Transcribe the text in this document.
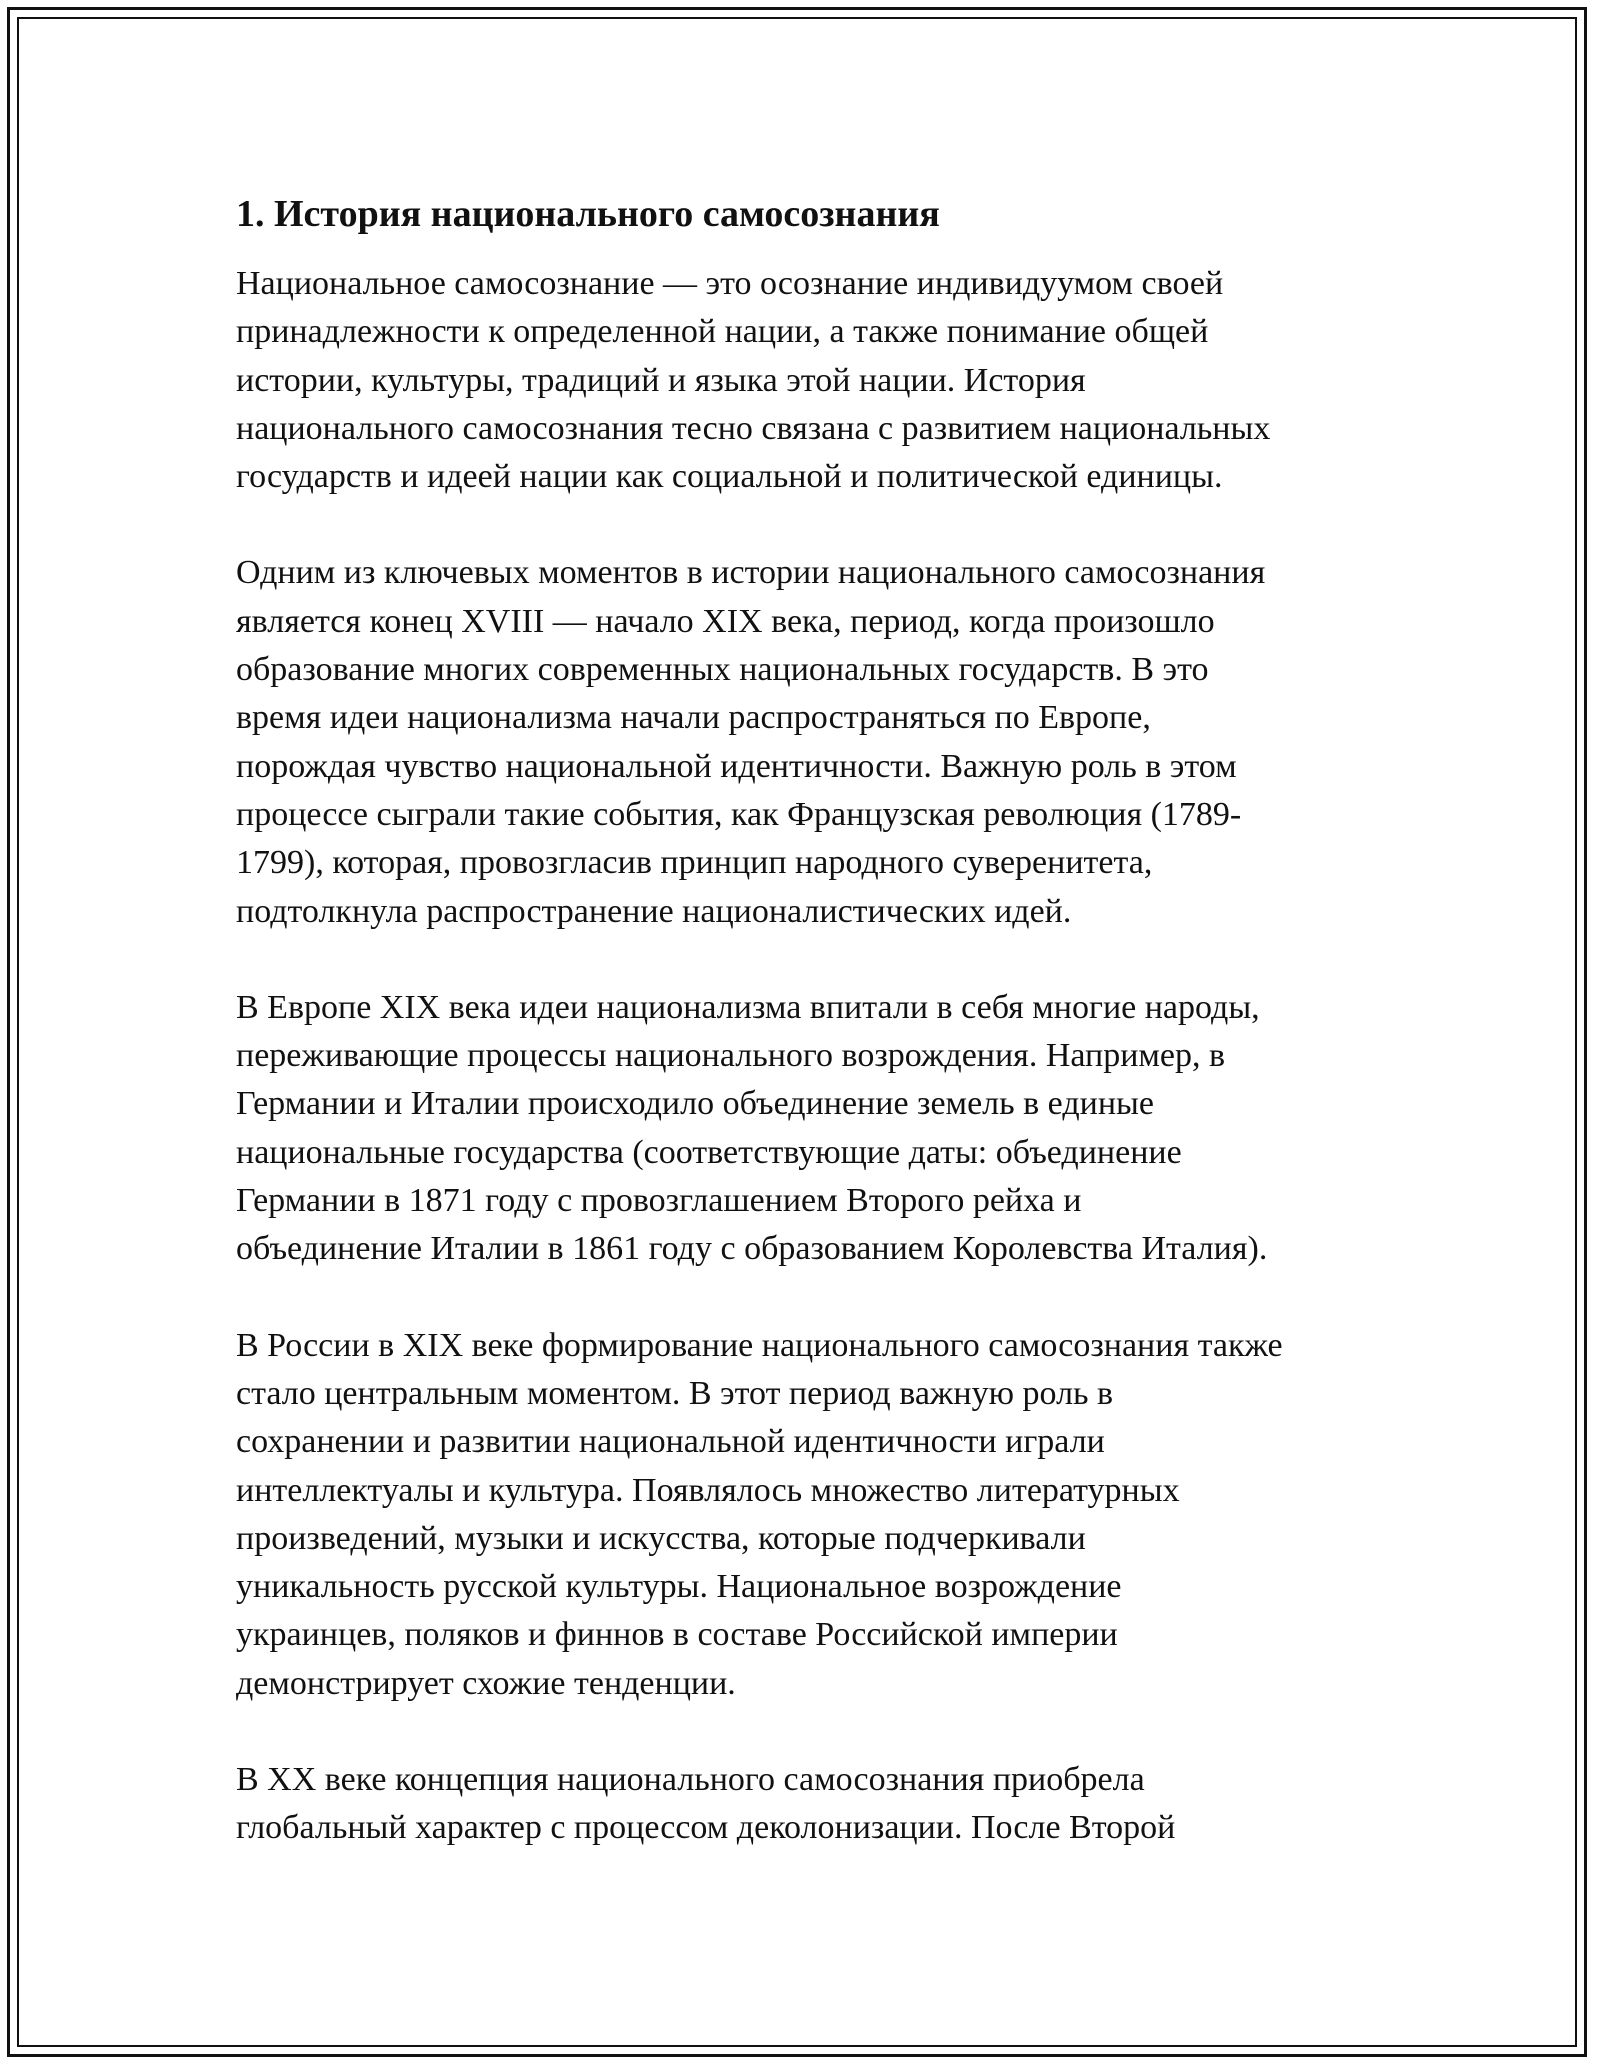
1. История национального самосознания

Национальное самосознание — это осознание индивидуумом своей
принадлежности к определенной нации, а также понимание общей
истории, культуры, традиций и языка этой нации. История
национального самосознания тесно связана с развитием национальных
государств и идеей нации как социальной и политической единицы.

Одним из ключевых моментов в истории национального самосознания
является конец XVIII — начало XIX века, период, когда произошло
образование многих современных национальных государств. В это
время идеи национализма начали распространяться по Европе,
порождая чувство национальной идентичности. Важную роль в этом
процессе сыграли такие события, как Французская революция (1789-
1799), которая, провозгласив принцип народного суверенитета,
подтолкнула распространение националистических идей.

В Европе XIX века идеи национализма впитали в себя многие народы,
переживающие процессы национального возрождения. Например, в
Германии и Италии происходило объединение земель в единые
национальные государства (соответствующие даты: объединение
Германии в 1871 году с провозглашением Второго рейха и
объединение Италии в 1861 году с образованием Королевства Италия).

В России в XIX веке формирование национального самосознания также
стало центральным моментом. В этот период важную роль в
сохранении и развитии национальной идентичности играли
интеллектуалы и культура. Появлялось множество литературных
произведений, музыки и искусства, которые подчеркивали
уникальность русской культуры. Национальное возрождение
украинцев, поляков и финнов в составе Российской империи
демонстрирует схожие тенденции.

В XX веке концепция национального самосознания приобрела
глобальный характер с процессом деколонизации. После Второй
